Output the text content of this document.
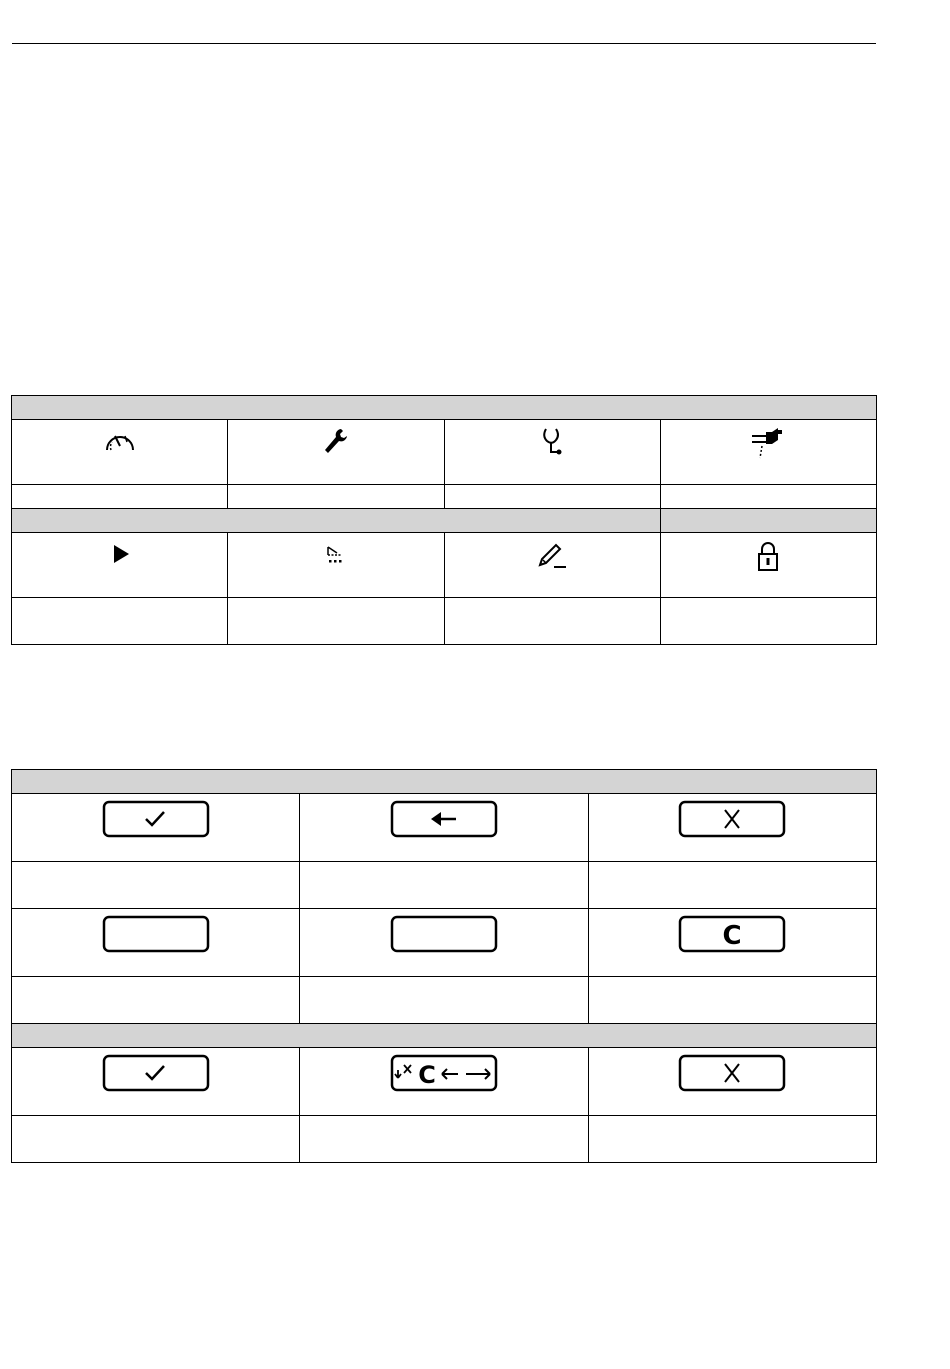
C

C
